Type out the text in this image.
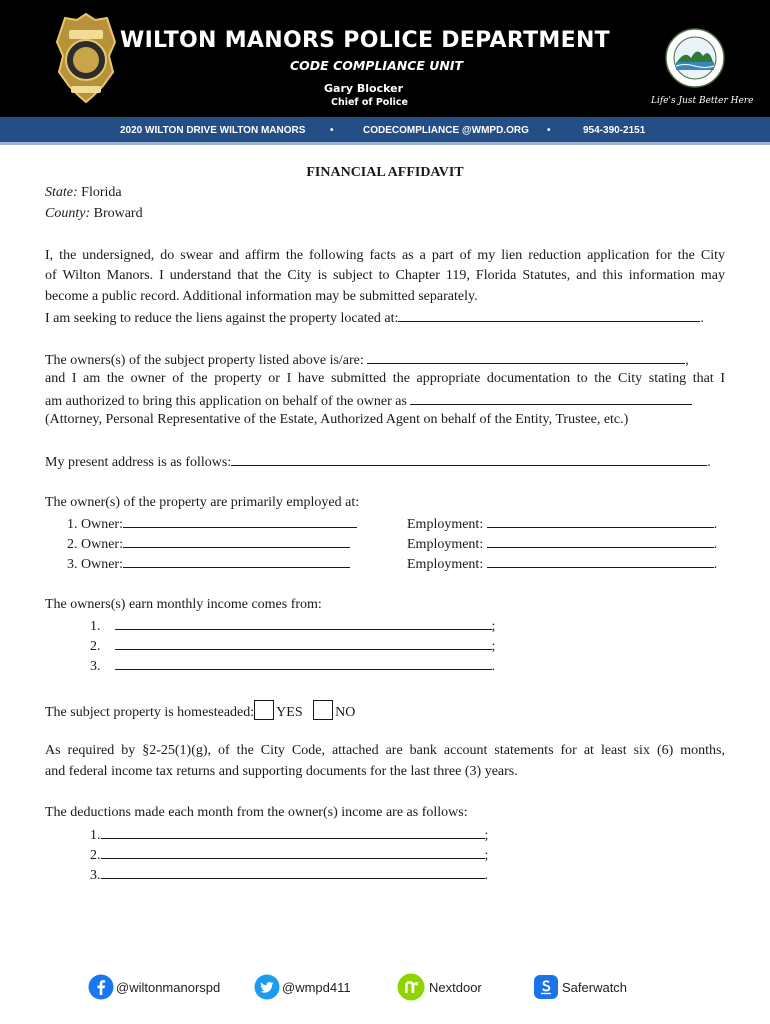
WILTON MANORS POLICE DEPARTMENT
CODE COMPLIANCE UNIT
Gary Blocker
Chief of Police	Life's Just Better Here
2020 WILTON DRIVE WILTON MANORS •	CODECOMPLIANCE @WMPD.ORG •	954-390-2151
FINANCIAL AFFIDAVIT
State: Florida
County: Broward
I, the undersigned, do swear and affirm the following facts as a part of my lien reduction application for the City
of Wilton Manors. I understand that the City is subject to Chapter 119, Florida Statutes, and this information may
become a public record. Additional information may be submitted separately.
I am seeking to reduce the liens against the property located at:	.
The owners(s) of the subject property listed above is/are:	,
and I am the owner of the property or I have submitted the appropriate documentation to the City stating that I
am authorized to bring this application on behalf of the owner as
(Attorney, Personal Representative of the Estate, Authorized Agent on behalf of the Entity, Trustee, etc.)
My present address is as follows:	.
The owner(s) of the property are primarily employed at:
1. Owner:	Employment:	.
2. Owner:	Employment:	.
3. Owner:	Employment:	.
The owners(s) earn monthly income comes from:
1.	;
2.	;
3.	.
The subject property is homesteaded: YES NO
As required by §2-25(1)(g), of the City Code, attached are bank account statements for at least six (6) months,
and federal income tax returns and supporting documents for the last three (3) years.
The deductions made each month from the owner(s) income are as follows:
1.	;
2.	;
3.	.
@wiltonmanorspd	@wmpd411	Nextdoor	Saferwatch
